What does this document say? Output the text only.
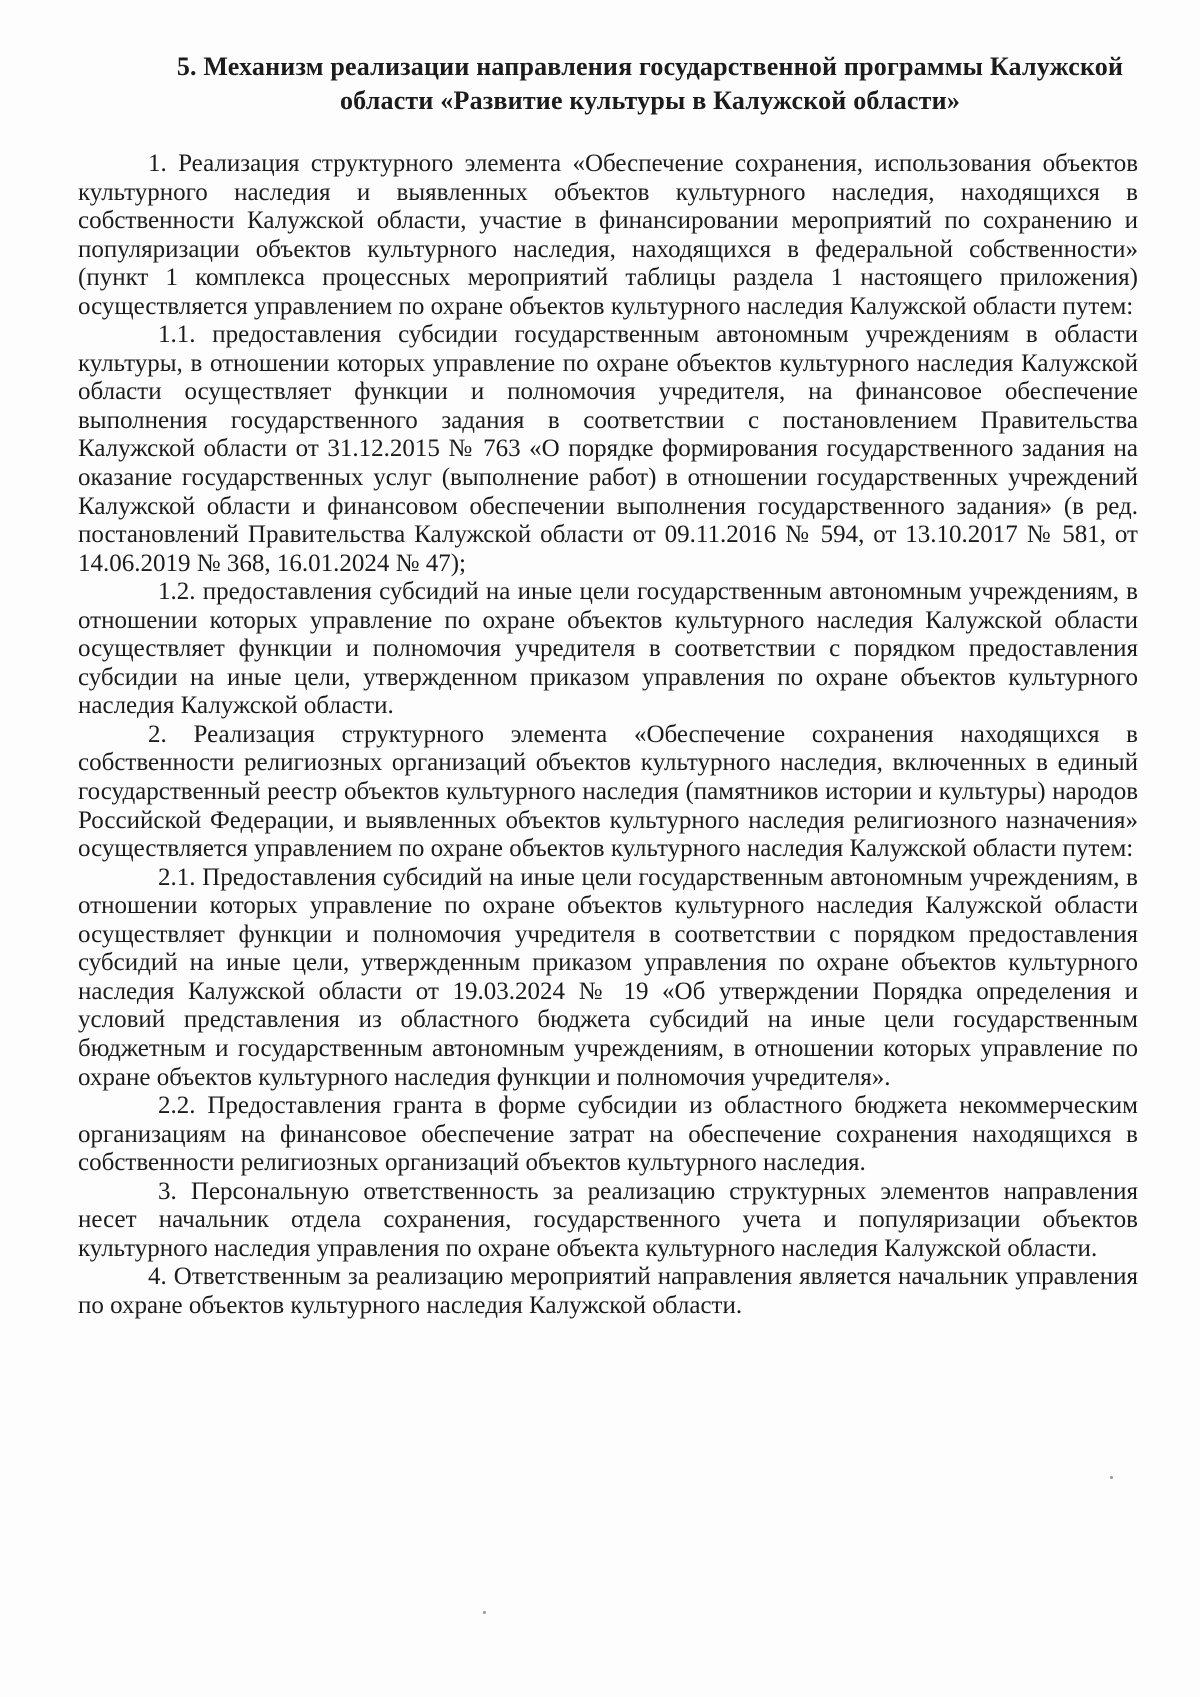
5. Механизм реализации направления государственной программы Калужской
области «Развитие культуры в Калужской области»

1. Реализация структурного элемента «Обеспечение сохранения, использования объектов культурного наследия и выявленных объектов культурного наследия, находящихся в собственности Калужской области, участие в финансировании мероприятий по сохранению и популяризации объектов культурного наследия, находящихся в федеральной собственности» (пункт 1 комплекса процессных мероприятий таблицы раздела 1 настоящего приложения) осуществляется управлением по охране объектов культурного наследия Калужской области путем:

1.1. предоставления субсидии государственным автономным учреждениям в области культуры, в отношении которых управление по охране объектов культурного наследия Калужской области осуществляет функции и полномочия учредителя, на финансовое обеспечение выполнения государственного задания в соответствии с постановлением Правительства Калужской области от 31.12.2015 № 763 «О порядке формирования государственного задания на оказание государственных услуг (выполнение работ) в отношении государственных учреждений Калужской области и финансовом обеспечении выполнения государственного задания» (в ред. постановлений Правительства Калужской области от 09.11.2016 № 594, от 13.10.2017 № 581, от 14.06.2019 № 368, 16.01.2024 № 47);

1.2. предоставления субсидий на иные цели государственным автономным учреждениям, в отношении которых управление по охране объектов культурного наследия Калужской области осуществляет функции и полномочия учредителя в соответствии с порядком предоставления субсидии на иные цели, утвержденном приказом управления по охране объектов культурного наследия Калужской области.

2. Реализация структурного элемента «Обеспечение сохранения находящихся в собственности религиозных организаций объектов культурного наследия, включенных в единый государственный реестр объектов культурного наследия (памятников истории и культуры) народов Российской Федерации, и выявленных объектов культурного наследия религиозного назначения» осуществляется управлением по охране объектов культурного наследия Калужской области путем:

2.1. Предоставления субсидий на иные цели государственным автономным учреждениям, в отношении которых управление по охране объектов культурного наследия Калужской области осуществляет функции и полномочия учредителя в соответствии с порядком предоставления субсидий на иные цели, утвержденным приказом управления по охране объектов культурного наследия Калужской области от 19.03.2024 № 19 «Об утверждении Порядка определения и условий представления из областного бюджета субсидий на иные цели государственным бюджетным и государственным автономным учреждениям, в отношении которых управление по охране объектов культурного наследия функции и полномочия учредителя».

2.2. Предоставления гранта в форме субсидии из областного бюджета некоммерческим организациям на финансовое обеспечение затрат на обеспечение сохранения находящихся в собственности религиозных организаций объектов культурного наследия.

3. Персональную ответственность за реализацию структурных элементов направления несет начальник отдела сохранения, государственного учета и популяризации объектов культурного наследия управления по охране объекта культурного наследия Калужской области.

4. Ответственным за реализацию мероприятий направления является начальник управления по охране объектов культурного наследия Калужской области.
